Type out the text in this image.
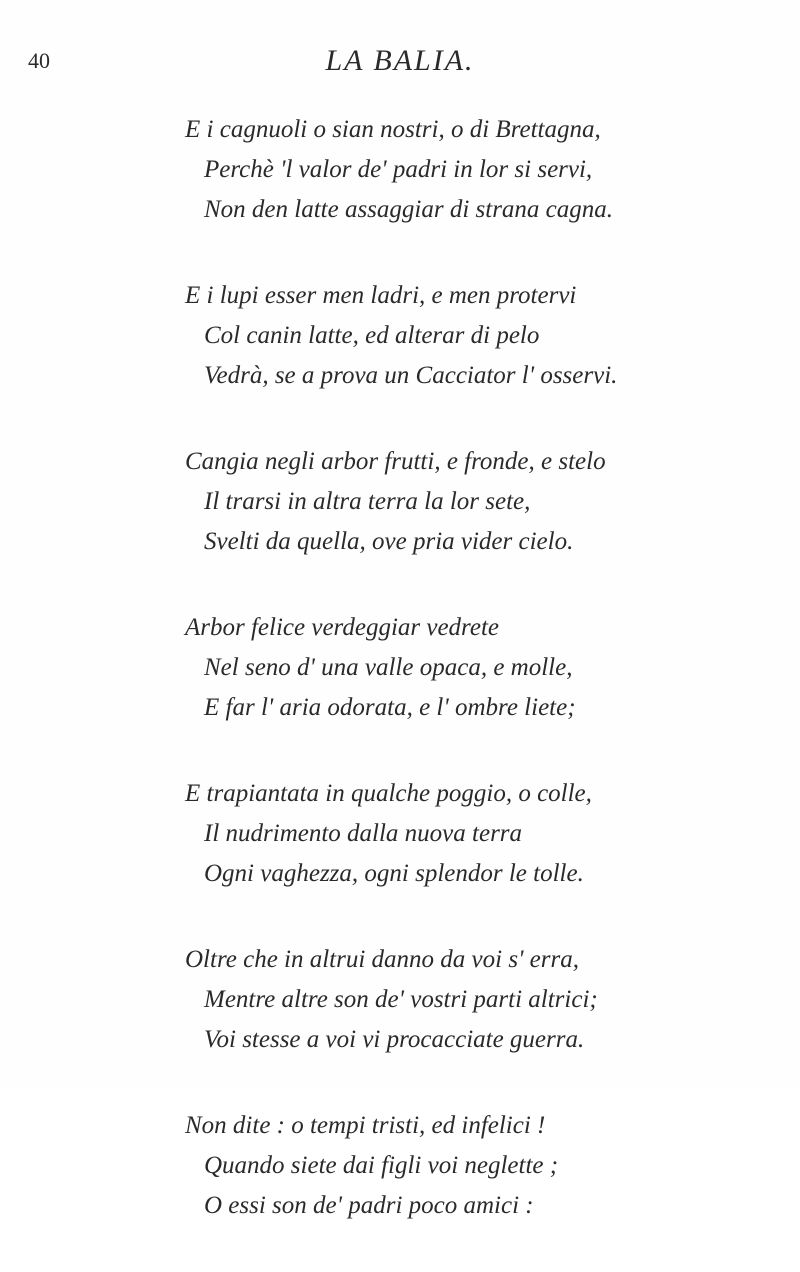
40	LA BALIA.
E i cagnuoli o sian nostri, o di Brettagna,
Perchè 'l valor de' padri in lor si servi,
Non den latte assaggiar di strana cagna.
E i lupi esser men ladri, e men protervi
Col canin latte, ed alterar di pelo
Vedrà, se a prova un Cacciator l' osservi.
Cangia negli arbor frutti, e fronde, e stelo
Il trarsi in altra terra la lor sete,
Svelti da quella, ove pria vider cielo.
Arbor felice verdeggiar vedrete
Nel seno d' una valle opaca, e molle,
E far l' aria odorata, e l' ombre liete;
E trapiantata in qualche poggio, o colle,
Il nudrimento dalla nuova terra
Ogni vaghezza, ogni splendor le tolle.
Oltre che in altrui danno da voi s' erra,
Mentre altre son de' vostri parti altrici;
Voi stesse a voi vi procacciate guerra.
Non dite : o tempi tristi, ed infelici !
Quando siete dai figli voi neglette ;
O essi son de' padri poco amici :
